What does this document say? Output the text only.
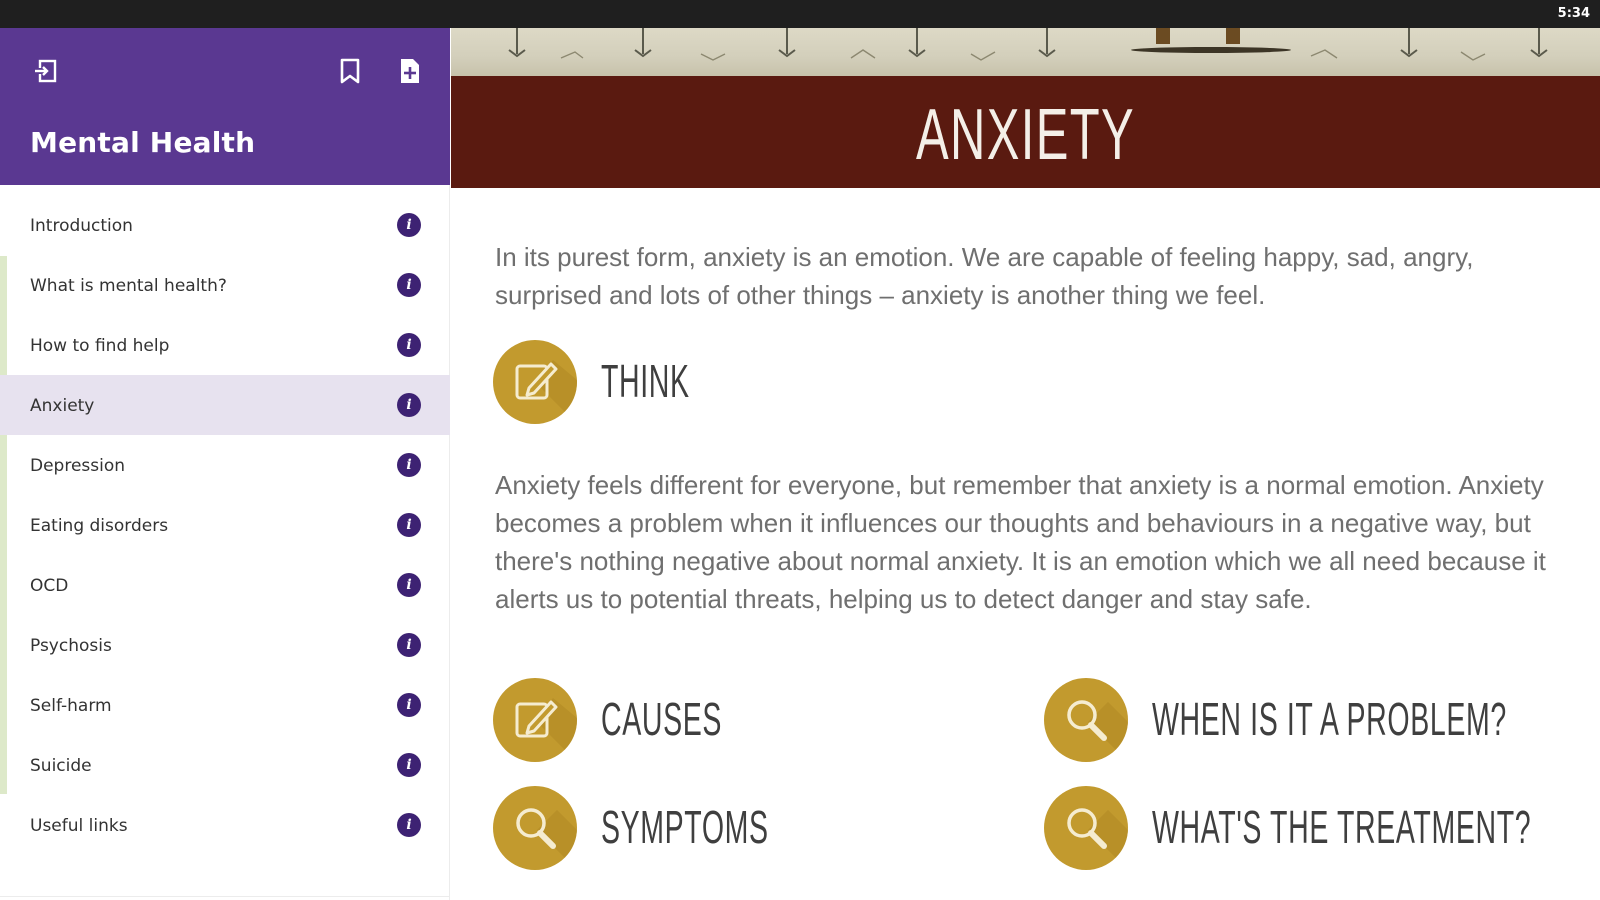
5:34
Mental Health
Introduction	i
What is mental health?	i
How to find help	i
Anxiety	i
Depression	i
Eating disorders	i
OCD	i
Psychosis	i
Self-harm	i
Suicide	i
Useful links	i
ANXIETY

In its purest form, anxiety is an emotion. We are capable of feeling happy, sad, angry, surprised and lots of other things – anxiety is another thing we feel.

THINK

Anxiety feels different for everyone, but remember that anxiety is a normal emotion. Anxiety becomes a problem when it influences our thoughts and behaviours in a negative way, but there's nothing negative about normal anxiety. It is an emotion which we all need because it alerts us to potential threats, helping us to detect danger and stay safe.

CAUSES	WHEN IS IT A PROBLEM?
SYMPTOMS	WHAT'S THE TREATMENT?
